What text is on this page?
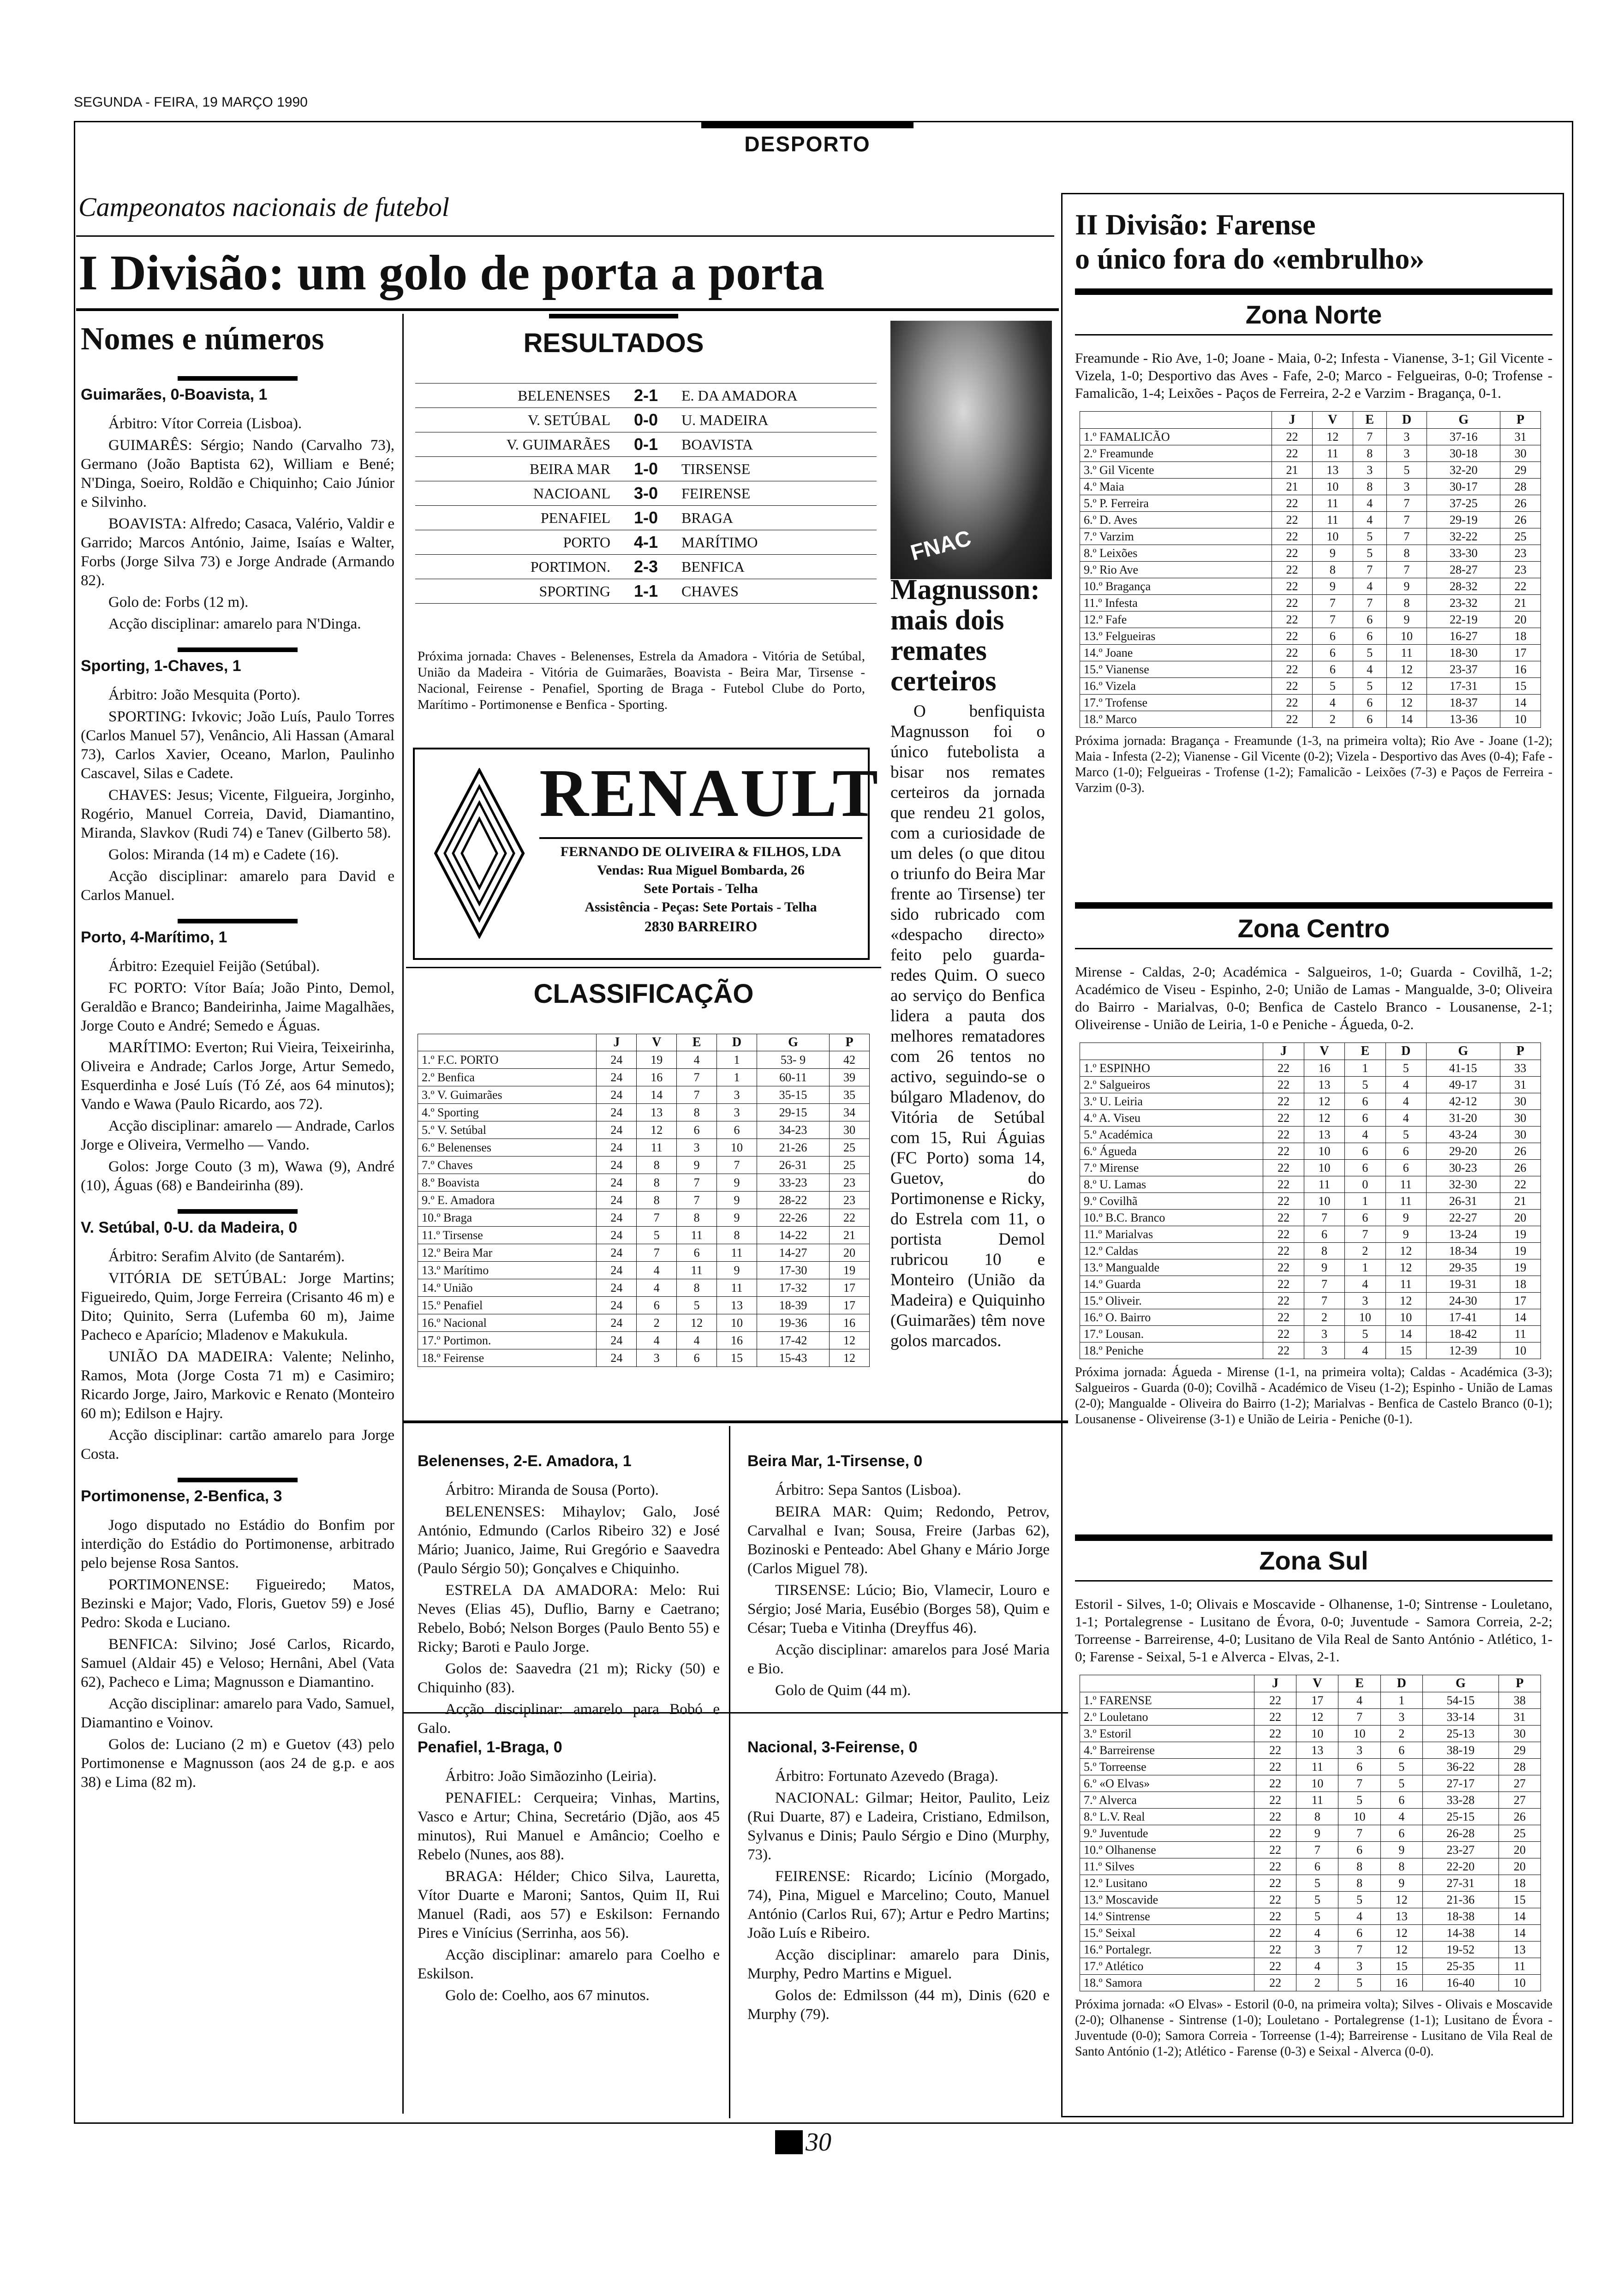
SEGUNDA - FEIRA, 19 MARÇO 1990
DESPORTO
Campeonatos nacionais de futebol
I Divisão: um golo de porta a porta
Nomes e números

Guimarães, 0-Boavista, 1

Árbitro: Vítor Correia (Lisboa).

GUIMARÊS: Sérgio; Nando (Carvalho 73), Germano (João Baptista 62), William e Bené; N'Dinga, Soeiro, Roldão e Chiquinho; Caio Júnior e Silvinho.

BOAVISTA: Alfredo; Casaca, Valério, Valdir e Garrido; Marcos António, Jaime, Isaías e Walter, Forbs (Jorge Silva 73) e Jorge Andrade (Armando 82).

Golo de: Forbs (12 m).

Acção disciplinar: amarelo para N'Dinga.

Sporting, 1-Chaves, 1

Árbitro: João Mesquita (Porto).

SPORTING: Ivkovic; João Luís, Paulo Torres (Carlos Manuel 57), Venâncio, Ali Hassan (Amaral 73), Carlos Xavier, Oceano, Marlon, Paulinho Cascavel, Silas e Cadete.

CHAVES: Jesus; Vicente, Filgueira, Jorginho, Rogério, Manuel Correia, David, Diamantino, Miranda, Slavkov (Rudi 74) e Tanev (Gilberto 58).

Golos: Miranda (14 m) e Cadete (16).

Acção disciplinar: amarelo para David e Carlos Manuel.

Porto, 4-Marítimo, 1

Árbitro: Ezequiel Feijão (Setúbal).

FC PORTO: Vítor Baía; João Pinto, Demol, Geraldão e Branco; Bandeirinha, Jaime Magalhães, Jorge Couto e André; Semedo e Águas.

MARÍTIMO: Everton; Rui Vieira, Teixeirinha, Oliveira e Andrade; Carlos Jorge, Artur Semedo, Esquerdinha e José Luís (Tó Zé, aos 64 minutos); Vando e Wawa (Paulo Ricardo, aos 72).

Acção disciplinar: amarelo — Andrade, Carlos Jorge e Oliveira, Vermelho — Vando.

Golos: Jorge Couto (3 m), Wawa (9), André (10), Águas (68) e Bandeirinha (89).

V. Setúbal, 0-U. da Madeira, 0

Árbitro: Serafim Alvito (de Santarém).

VITÓRIA DE SETÚBAL: Jorge Martins; Figueiredo, Quim, Jorge Ferreira (Crisanto 46 m) e Dito; Quinito, Serra (Lufemba 60 m), Jaime Pacheco e Aparício; Mladenov e Makukula.

UNIÃO DA MADEIRA: Valente; Nelinho, Ramos, Mota (Jorge Costa 71 m) e Casimiro; Ricardo Jorge, Jairo, Markovic e Renato (Monteiro 60 m); Edilson e Hajry.

Acção disciplinar: cartão amarelo para Jorge Costa.

Portimonense, 2-Benfica, 3

Jogo disputado no Estádio do Bonfim por interdição do Estádio do Portimonense, arbitrado pelo bejense Rosa Santos.

PORTIMONENSE: Figueiredo; Matos, Bezinski e Major; Vado, Floris, Guetov 59) e José Pedro: Skoda e Luciano.

BENFICA: Silvino; José Carlos, Ricardo, Samuel (Aldair 45) e Veloso; Hernâni, Abel (Vata 62), Pacheco e Lima; Magnusson e Diamantino.

Acção disciplinar: amarelo para Vado, Samuel, Diamantino e Voinov.

Golos de: Luciano (2 m) e Guetov (43) pelo Portimonense e Magnusson (aos 24 de g.p. e aos 38) e Lima (82 m).

RESULTADOS
BELENENSES	2-1	E. DA AMADORA
V. SETÚBAL	0-0	U. MADEIRA
V. GUIMARÃES	0-1	BOAVISTA
BEIRA MAR	1-0	TIRSENSE
NACIOANL	3-0	FEIRENSE
PENAFIEL	1-0	BRAGA
PORTO	4-1	MARÍTIMO
PORTIMON.	2-3	BENFICA
SPORTING	1-1	CHAVES
Próxima jornada: Chaves - Belenenses, Estrela da Amadora - Vitória de Setúbal, União da Madeira - Vitória de Guimarães, Boavista - Beira Mar, Tirsense - Nacional, Feirense - Penafiel, Sporting de Braga - Futebol Clube do Porto, Marítimo - Portimonense e Benfica - Sporting.
RENAULT
FERNANDO DE OLIVEIRA & FILHOS, LDA
Vendas: Rua Miguel Bombarda, 26
Sete Portais - Telha
Assistência - Peças: Sete Portais - Telha
2830 BARREIRO
FNAC
Magnusson: mais dois remates certeiros
O benfiquista Magnusson foi o único futebolista a bisar nos remates certeiros da jornada que rendeu 21 golos, com a curiosidade de um deles (o que ditou o triunfo do Beira Mar frente ao Tirsense) ter sido rubricado com «despacho directo» feito pelo guarda-redes Quim. O sueco ao serviço do Benfica lidera a pauta dos melhores rematadores com 26 tentos no activo, seguindo-se o búlgaro Mladenov, do Vitória de Setúbal com 15, Rui Águias (FC Porto) soma 14, Guetov, do Portimonense e Ricky, do Estrela com 11, o portista Demol rubricou 10 e Monteiro (União da Madeira) e Quiquinho (Guimarães) têm nove golos marcados.
CLASSIFICAÇÃO
	J	V	E	D	G	P
1.º F.C. PORTO	24	19	4	1	53- 9	42
2.º Benfica	24	16	7	1	60-11	39
3.º V. Guimarães	24	14	7	3	35-15	35
4.º Sporting	24	13	8	3	29-15	34
5.º V. Setúbal	24	12	6	6	34-23	30
6.º Belenenses	24	11	3	10	21-26	25
7.º Chaves	24	8	9	7	26-31	25
8.º Boavista	24	8	7	9	33-23	23
9.º E. Amadora	24	8	7	9	28-22	23
10.º Braga	24	7	8	9	22-26	22
11.º Tirsense	24	5	11	8	14-22	21
12.º Beira Mar	24	7	6	11	14-27	20
13.º Marítimo	24	4	11	9	17-30	19
14.º União	24	4	8	11	17-32	17
15.º Penafiel	24	6	5	13	18-39	17
16.º Nacional	24	2	12	10	19-36	16
17.º Portimon.	24	4	4	16	17-42	12
18.º Feirense	24	3	6	15	15-43	12

Belenenses, 2-E. Amadora, 1

Árbitro: Miranda de Sousa (Porto).

BELENENSES: Mihaylov; Galo, José António, Edmundo (Carlos Ribeiro 32) e José Mário; Juanico, Jaime, Rui Gregório e Saavedra (Paulo Sérgio 50); Gonçalves e Chiquinho.

ESTRELA DA AMADORA: Melo: Rui Neves (Elias 45), Duflio, Barny e Caetrano; Rebelo, Bobó; Nelson Borges (Paulo Bento 55) e Ricky; Baroti e Paulo Jorge.

Golos de: Saavedra (21 m); Ricky (50) e Chiquinho (83).

Acção disciplinar: amarelo para Bobó e Galo.

Beira Mar, 1-Tirsense, 0

Árbitro: Sepa Santos (Lisboa).

BEIRA MAR: Quim; Redondo, Petrov, Carvalhal e Ivan; Sousa, Freire (Jarbas 62), Bozinoski e Penteado: Abel Ghany e Mário Jorge (Carlos Miguel 78).

TIRSENSE: Lúcio; Bio, Vlamecir, Louro e Sérgio; José Maria, Eusébio (Borges 58), Quim e César; Tueba e Vitinha (Dreyffus 46).

Acção disciplinar: amarelos para José Maria e Bio.

Golo de Quim (44 m).

Penafiel, 1-Braga, 0

Árbitro: João Simãozinho (Leiria).

PENAFIEL: Cerqueira; Vinhas, Martins, Vasco e Artur; China, Secretário (Djão, aos 45 minutos), Rui Manuel e Amâncio; Coelho e Rebelo (Nunes, aos 88).

BRAGA: Hélder; Chico Silva, Lauretta, Vítor Duarte e Maroni; Santos, Quim II, Rui Manuel (Radi, aos 57) e Eskilson: Fernando Pires e Vinícius (Serrinha, aos 56).

Acção disciplinar: amarelo para Coelho e Eskilson.

Golo de: Coelho, aos 67 minutos.

Nacional, 3-Feirense, 0

Árbitro: Fortunato Azevedo (Braga).

NACIONAL: Gilmar; Heitor, Paulito, Leiz (Rui Duarte, 87) e Ladeira, Cristiano, Edmilson, Sylvanus e Dinis; Paulo Sérgio e Dino (Murphy, 73).

FEIRENSE: Ricardo; Licínio (Morgado, 74), Pina, Miguel e Marcelino; Couto, Manuel António (Carlos Rui, 67); Artur e Pedro Martins; João Luís e Ribeiro.

Acção disciplinar: amarelo para Dinis, Murphy, Pedro Martins e Miguel.

Golos de: Edmilsson (44 m), Dinis (620 e Murphy (79).

II Divisão: Farense
o único fora do «embrulho»
Zona Norte
Freamunde - Rio Ave, 1-0; Joane - Maia, 0-2; Infesta - Vianense, 3-1; Gil Vicente - Vizela, 1-0; Desportivo das Aves - Fafe, 2-0; Marco - Felgueiras, 0-0; Trofense - Famalicão, 1-4; Leixões - Paços de Ferreira, 2-2 e Varzim - Bragança, 0-1.
	J	V	E	D	G	P
1.º FAMALICÃO	22	12	7	3	37-16	31
2.º Freamunde	22	11	8	3	30-18	30
3.º Gil Vicente	21	13	3	5	32-20	29
4.º Maia	21	10	8	3	30-17	28
5.º P. Ferreira	22	11	4	7	37-25	26
6.º D. Aves	22	11	4	7	29-19	26
7.º Varzim	22	10	5	7	32-22	25
8.º Leixões	22	9	5	8	33-30	23
9.º Rio Ave	22	8	7	7	28-27	23
10.º Bragança	22	9	4	9	28-32	22
11.º Infesta	22	7	7	8	23-32	21
12.º Fafe	22	7	6	9	22-19	20
13.º Felgueiras	22	6	6	10	16-27	18
14.º Joane	22	6	5	11	18-30	17
15.º Vianense	22	6	4	12	23-37	16
16.º Vizela	22	5	5	12	17-31	15
17.º Trofense	22	4	6	12	18-37	14
18.º Marco	22	2	6	14	13-36	10
Próxima jornada: Bragança - Freamunde (1-3, na primeira volta); Rio Ave - Joane (1-2); Maia - Infesta (2-2); Vianense - Gil Vicente (0-2); Vizela - Desportivo das Aves (0-4); Fafe - Marco (1-0); Felgueiras - Trofense (1-2); Famalicão - Leixões (7-3) e Paços de Ferreira - Varzim (0-3).
Zona Centro
Mirense - Caldas, 2-0; Académica - Salgueiros, 1-0; Guarda - Covilhã, 1-2; Académico de Viseu - Espinho, 2-0; União de Lamas - Mangualde, 3-0; Oliveira do Bairro - Marialvas, 0-0; Benfica de Castelo Branco - Lousanense, 2-1; Oliveirense - União de Leiria, 1-0 e Peniche - Águeda, 0-2.
	J	V	E	D	G	P
1.º ESPINHO	22	16	1	5	41-15	33
2.º Salgueiros	22	13	5	4	49-17	31
3.º U. Leiria	22	12	6	4	42-12	30
4.º A. Viseu	22	12	6	4	31-20	30
5.º Académica	22	13	4	5	43-24	30
6.º Águeda	22	10	6	6	29-20	26
7.º Mirense	22	10	6	6	30-23	26
8.º U. Lamas	22	11	0	11	32-30	22
9.º Covilhã	22	10	1	11	26-31	21
10.º B.C. Branco	22	7	6	9	22-27	20
11.º Marialvas	22	6	7	9	13-24	19
12.º Caldas	22	8	2	12	18-34	19
13.º Mangualde	22	9	1	12	29-35	19
14.º Guarda	22	7	4	11	19-31	18
15.º Oliveir.	22	7	3	12	24-30	17
16.º O. Bairro	22	2	10	10	17-41	14
17.º Lousan.	22	3	5	14	18-42	11
18.º Peniche	22	3	4	15	12-39	10
Próxima jornada: Águeda - Mirense (1-1, na primeira volta); Caldas - Académica (3-3); Salgueiros - Guarda (0-0); Covilhã - Académico de Viseu (1-2); Espinho - União de Lamas (2-0); Mangualde - Oliveira do Bairro (1-2); Marialvas - Benfica de Castelo Branco (0-1); Lousanense - Oliveirense (3-1) e União de Leiria - Peniche (0-1).
Zona Sul
Estoril - Silves, 1-0; Olivais e Moscavide - Olhanense, 1-0; Sintrense - Louletano, 1-1; Portalegrense - Lusitano de Évora, 0-0; Juventude - Samora Correia, 2-2; Torreense - Barreirense, 4-0; Lusitano de Vila Real de Santo António - Atlético, 1-0; Farense - Seixal, 5-1 e Alverca - Elvas, 2-1.
	J	V	E	D	G	P
1.º FARENSE	22	17	4	1	54-15	38
2.º Louletano	22	12	7	3	33-14	31
3.º Estoril	22	10	10	2	25-13	30
4.º Barreirense	22	13	3	6	38-19	29
5.º Torreense	22	11	6	5	36-22	28
6.º «O Elvas»	22	10	7	5	27-17	27
7.º Alverca	22	11	5	6	33-28	27
8.º L.V. Real	22	8	10	4	25-15	26
9.º Juventude	22	9	7	6	26-28	25
10.º Olhanense	22	7	6	9	23-27	20
11.º Silves	22	6	8	8	22-20	20
12.º Lusitano	22	5	8	9	27-31	18
13.º Moscavide	22	5	5	12	21-36	15
14.º Sintrense	22	5	4	13	18-38	14
15.º Seixal	22	4	6	12	14-38	14
16.º Portalegr.	22	3	7	12	19-52	13
17.º Atlético	22	4	3	15	25-35	11
18.º Samora	22	2	5	16	16-40	10
Próxima jornada: «O Elvas» - Estoril (0-0, na primeira volta); Silves - Olivais e Moscavide (2-0); Olhanense - Sintrense (1-0); Louletano - Portalegrense (1-1); Lusitano de Évora - Juventude (0-0); Samora Correia - Torreense (1-4); Barreirense - Lusitano de Vila Real de Santo António (1-2); Atlético - Farense (0-3) e Seixal - Alverca (0-0).
30
